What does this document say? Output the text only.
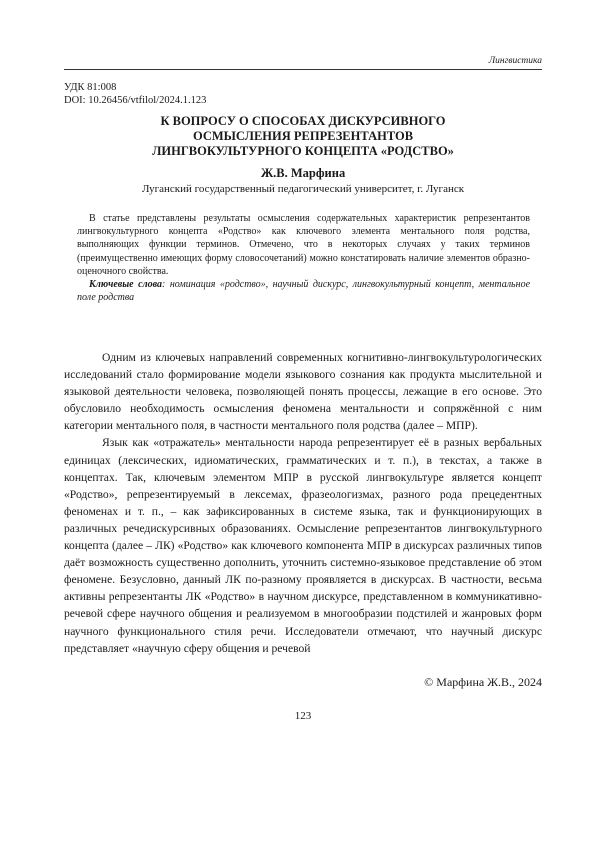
Лингвистика
УДК 81:008
DOI: 10.26456/vtfilol/2024.1.123
К ВОПРОСУ О СПОСОБАХ ДИСКУРСИВНОГО
ОСМЫСЛЕНИЯ РЕПРЕЗЕНТАНТОВ
ЛИНГВОКУЛЬТУРНОГО КОНЦЕПТА «РОДСТВО»
Ж.В. Марфина
Луганский государственный педагогический университет, г. Луганск

В статье представлены результаты осмысления содержательных характеристик репрезентантов лингвокультурного концепта «Родство» как ключевого элемента ментального поля родства, выполняющих функции терминов. Отмечено, что в некоторых случаях у таких терминов (преимущественно имеющих форму словосочетаний) можно констатировать наличие элементов образно-оценочного свойства.

Ключевые слова: номинация «родство», научный дискурс, лингвокультурный концепт, ментальное поле родства

Одним из ключевых направлений современных когнитивно-лингвокультурологических исследований стало формирование модели языкового сознания как продукта мыслительной и языковой деятельности человека, позволяющей понять процессы, лежащие в его основе. Это обусловило необходимость осмысления феномена ментальности и сопряжённой с ним категории ментального поля, в частности ментального поля родства (далее – МПР).

Язык как «отражатель» ментальности народа репрезентирует её в разных вербальных единицах (лексических, идиоматических, грамматических и т. п.), в текстах, а также в концептах. Так, ключевым элементом МПР в русской лингвокультуре является концепт «Родство», репрезентируемый в лексемах, фразеологизмах, разного рода прецедентных феноменах и т. п., – как зафиксированных в системе языка, так и функционирующих в различных речедискурсивных образованиях. Осмысление репрезентантов лингвокультурного концепта (далее – ЛК) «Родство» как ключевого компонента МПР в дискурсах различных типов даёт возможность существенно дополнить, уточнить системно-языковое представление об этом феномене. Безусловно, данный ЛК по-разному проявляется в дискурсах. В частности, весьма активны репрезентанты ЛК «Родство» в научном дискурсе, представленном в коммуникативно-речевой сфере научного общения и реализуемом в многообразии подстилей и жанровых форм научного функционального стиля речи. Исследователи отмечают, что научный дискурс представляет «научную сферу общения и речевой

© Марфина Ж.В., 2024
123
